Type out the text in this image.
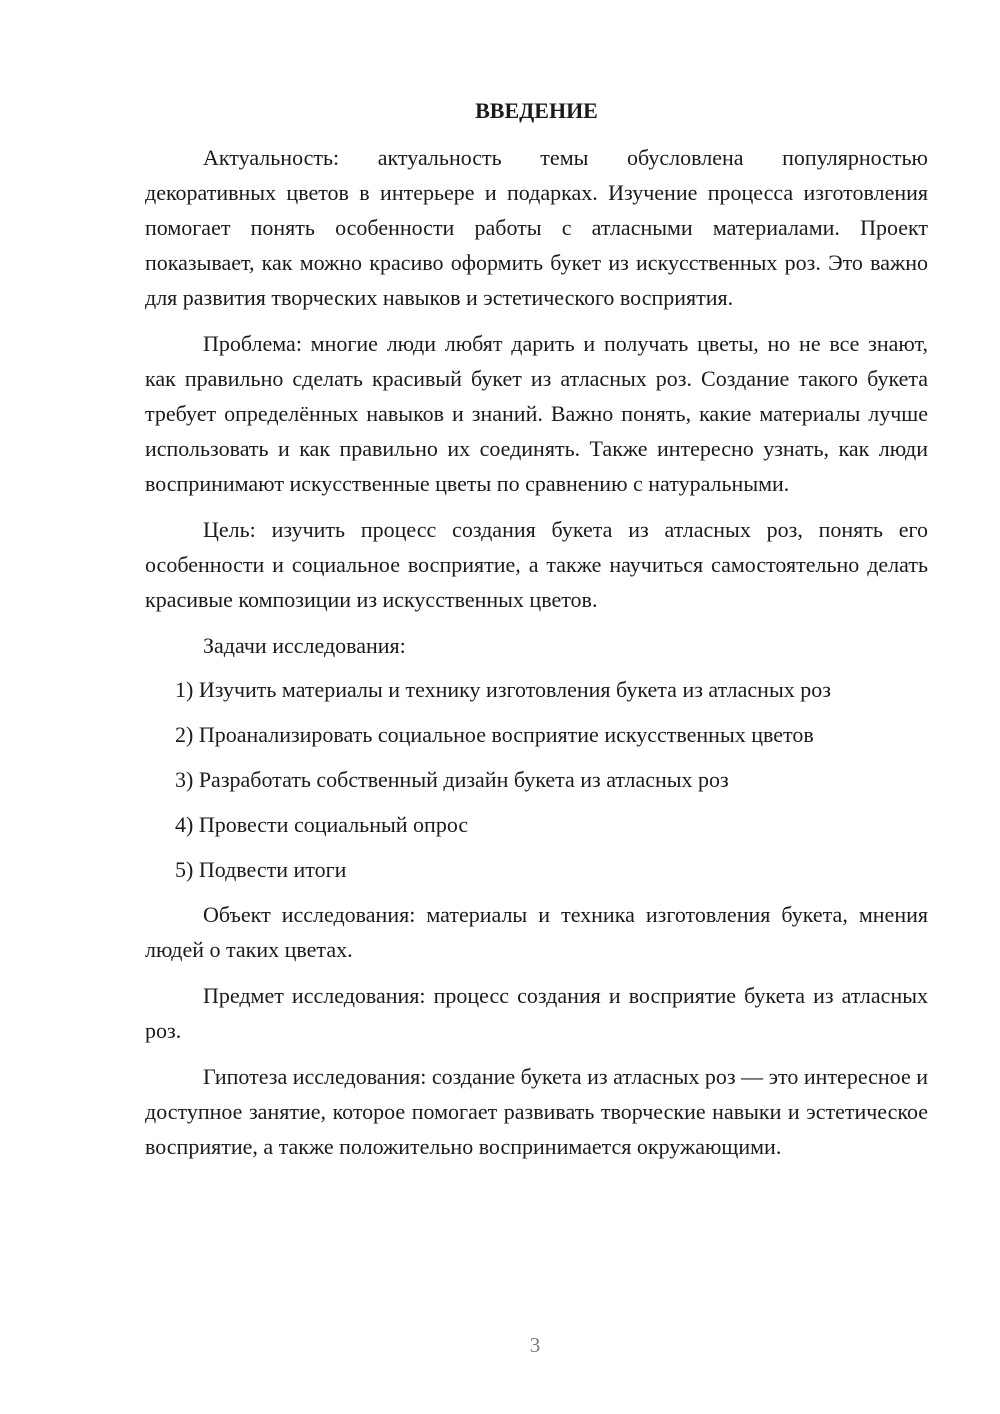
ВВЕДЕНИЕ

Актуальность: актуальность темы обусловлена популярностью декоративных цветов в интерьере и подарках. Изучение процесса изготовления помогает понять особенности работы с атласными материалами. Проект показывает, как можно красиво оформить букет из искусственных роз. Это важно для развития творческих навыков и эстетического восприятия.

Проблема: многие люди любят дарить и получать цветы, но не все знают, как правильно сделать красивый букет из атласных роз. Создание такого букета требует определённых навыков и знаний. Важно понять, какие материалы лучше использовать и как правильно их соединять. Также интересно узнать, как люди воспринимают искусственные цветы по сравнению с натуральными.

Цель: изучить процесс создания букета из атласных роз, понять его особенности и социальное восприятие, а также научиться самостоятельно делать красивые композиции из искусственных цветов.

Задачи исследования:

1) Изучить материалы и технику изготовления букета из атласных роз
2) Проанализировать социальное восприятие искусственных цветов
3) Разработать собственный дизайн букета из атласных роз
4) Провести социальный опрос
5) Подвести итоги

Объект исследования: материалы и техника изготовления букета, мнения людей о таких цветах.

Предмет исследования: процесс создания и восприятие букета из атласных роз.

Гипотеза исследования: создание букета из атласных роз — это интересное и доступное занятие, которое помогает развивать творческие навыки и эстетическое восприятие, а также положительно воспринимается окружающими.

3
